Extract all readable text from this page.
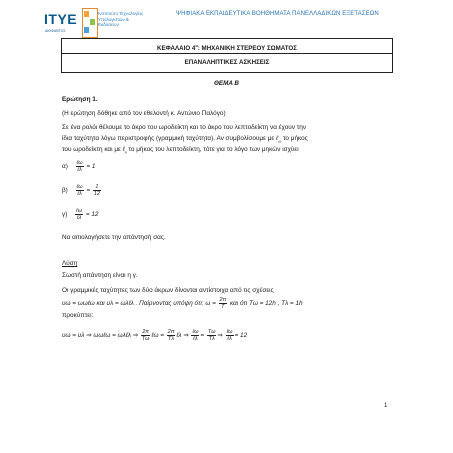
ITYE
ΔΙΟΦΑΝΤΟΣ
Ινστιτούτο Τεχνολογίας Υπολογιστών & Εκδόσεων
ΨΗΦΙΑΚΑ ΕΚΠΑΙΔΕΥΤΙΚΑ ΒΟΗΘΗΜΑΤΑ ΠΑΝΕΛΛΑΔΙΚΩΝ ΕΞΕΤΑΣΕΩΝ
ΚΕΦΑΛΑΙΟ $4^o$: ΜΗΧΑΝΙΚΗ ΣΤΕΡΕΟΥ ΣΩΜΑΤΟΣ
ΕΠΑΝΑΛΗΠΤΙΚΕΣ ΑΣΚΗΣΕΙΣ
ΘΕΜΑ Β
Ερώτηση 1.
(Η ερώτηση δόθηκε από τον εθελοντή κ. Αντώνιο Παλόγο)
Σε ένα ρολόι θέλουμε το άκρο του ωροδείκτη και το άκρο του λεπτοδείκτη να έχουν την
ίδια ταχύτητα λόγω περιστροφής (γραμμική ταχύτητα). Αν συμβολίσουμε με ℓ$_\omega$ το μήκος
του ωροδείκτη και με ℓ$_\lambda$ το μήκος του λεπτοδείκτη, τότε για το λόγο των μηκών ισχύει
$\alpha) \frac{\text{ℓω}}{\text{ℓλ}} = 1$
$\beta) \frac{\text{ℓω}}{\text{ℓλ}} = \frac{1}{12}$
$\gamma) \frac{\text{ℓω}}{\text{ℓλ}} = 12$
Να αιτιολογήσετε την απάντησή σας.
Λύση
Σωστή απάντηση είναι η γ.
Οι γραμμικές ταχύτητες των δύο άκρων δίνονται αντίστοιχα από τις σχέσεις
υω = ωωℓω και υλ = ωλℓλ . Παίρνοντας υπόψη ότι: $\omega = \frac{2\pi}{T}$ και ότι Tω = 12h , Tλ = 1h
προκύπτει:
υω = υλ ⇒ ωωℓω = ωλℓλ ⇒ $\frac{2\pi}{T\omega}$ ℓω = $\frac{2\pi}{T\lambda}$ ℓλ ⇒ $\frac{\text{ℓω}}{\text{ℓλ}} = \frac{T\omega}{T\lambda}$ ⇒ $\frac{\text{ℓω}}{\text{ℓλ}} = 12$
1
